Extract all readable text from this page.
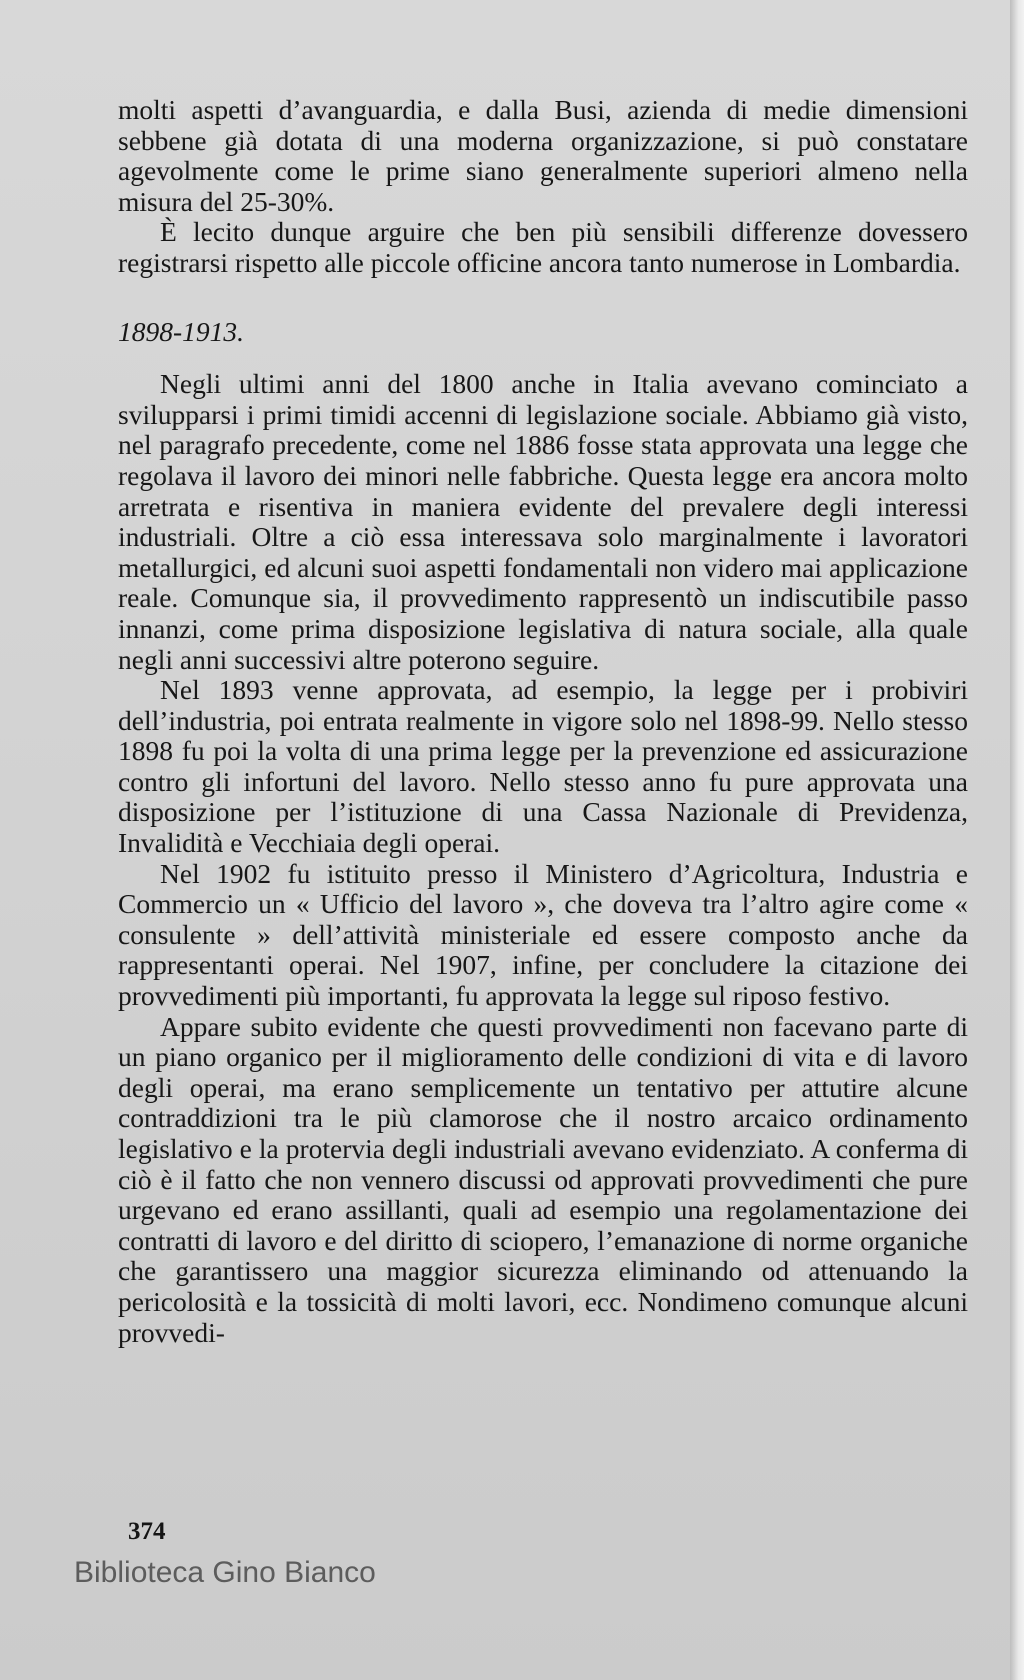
molti aspetti d’avanguardia, e dalla Busi, azienda di medie dimensioni sebbene già dotata di una moderna organizzazione, si può constatare agevolmente come le prime siano generalmente superiori almeno nella misura del 25-30%.

È lecito dunque arguire che ben più sensibili differenze dovessero registrarsi rispetto alle piccole officine ancora tanto numerose in Lombardia.

1898-1913.

Negli ultimi anni del 1800 anche in Italia avevano cominciato a svilupparsi i primi timidi accenni di legislazione sociale. Abbiamo già visto, nel paragrafo precedente, come nel 1886 fosse stata approvata una legge che regolava il lavoro dei minori nelle fabbriche. Questa legge era ancora molto arretrata e risentiva in maniera evidente del prevalere degli interessi industriali. Oltre a ciò essa interessava solo marginalmente i lavoratori metallurgici, ed alcuni suoi aspetti fondamentali non videro mai applicazione reale. Comunque sia, il provvedimento rappresentò un indiscutibile passo innanzi, come prima disposizione legislativa di natura sociale, alla quale negli anni successivi altre poterono seguire.

Nel 1893 venne approvata, ad esempio, la legge per i probiviri dell’industria, poi entrata realmente in vigore solo nel 1898-99. Nello stesso 1898 fu poi la volta di una prima legge per la prevenzione ed assicurazione contro gli infortuni del lavoro. Nello stesso anno fu pure approvata una disposizione per l’istituzione di una Cassa Nazionale di Previdenza, Invalidità e Vecchiaia degli operai.

Nel 1902 fu istituito presso il Ministero d’Agricoltura, Industria e Commercio un « Ufficio del lavoro », che doveva tra l’altro agire come « consulente » dell’attività ministeriale ed essere composto anche da rappresentanti operai. Nel 1907, infine, per concludere la citazione dei provvedimenti più importanti, fu approvata la legge sul riposo festivo.

Appare subito evidente che questi provvedimenti non facevano parte di un piano organico per il miglioramento delle condizioni di vita e di lavoro degli operai, ma erano semplicemente un tentativo per attutire alcune contraddizioni tra le più clamorose che il nostro arcaico ordinamento legislativo e la protervia degli industriali avevano evidenziato. A conferma di ciò è il fatto che non vennero discussi od approvati provvedimenti che pure urgevano ed erano assillanti, quali ad esempio una regolamentazione dei contratti di lavoro e del diritto di sciopero, l’emanazione di norme organiche che garantissero una maggior sicurezza eliminando od attenuando la pericolosità e la tossicità di molti lavori, ecc. Nondimeno comunque alcuni provvedi-

374
Biblioteca Gino Bianco
